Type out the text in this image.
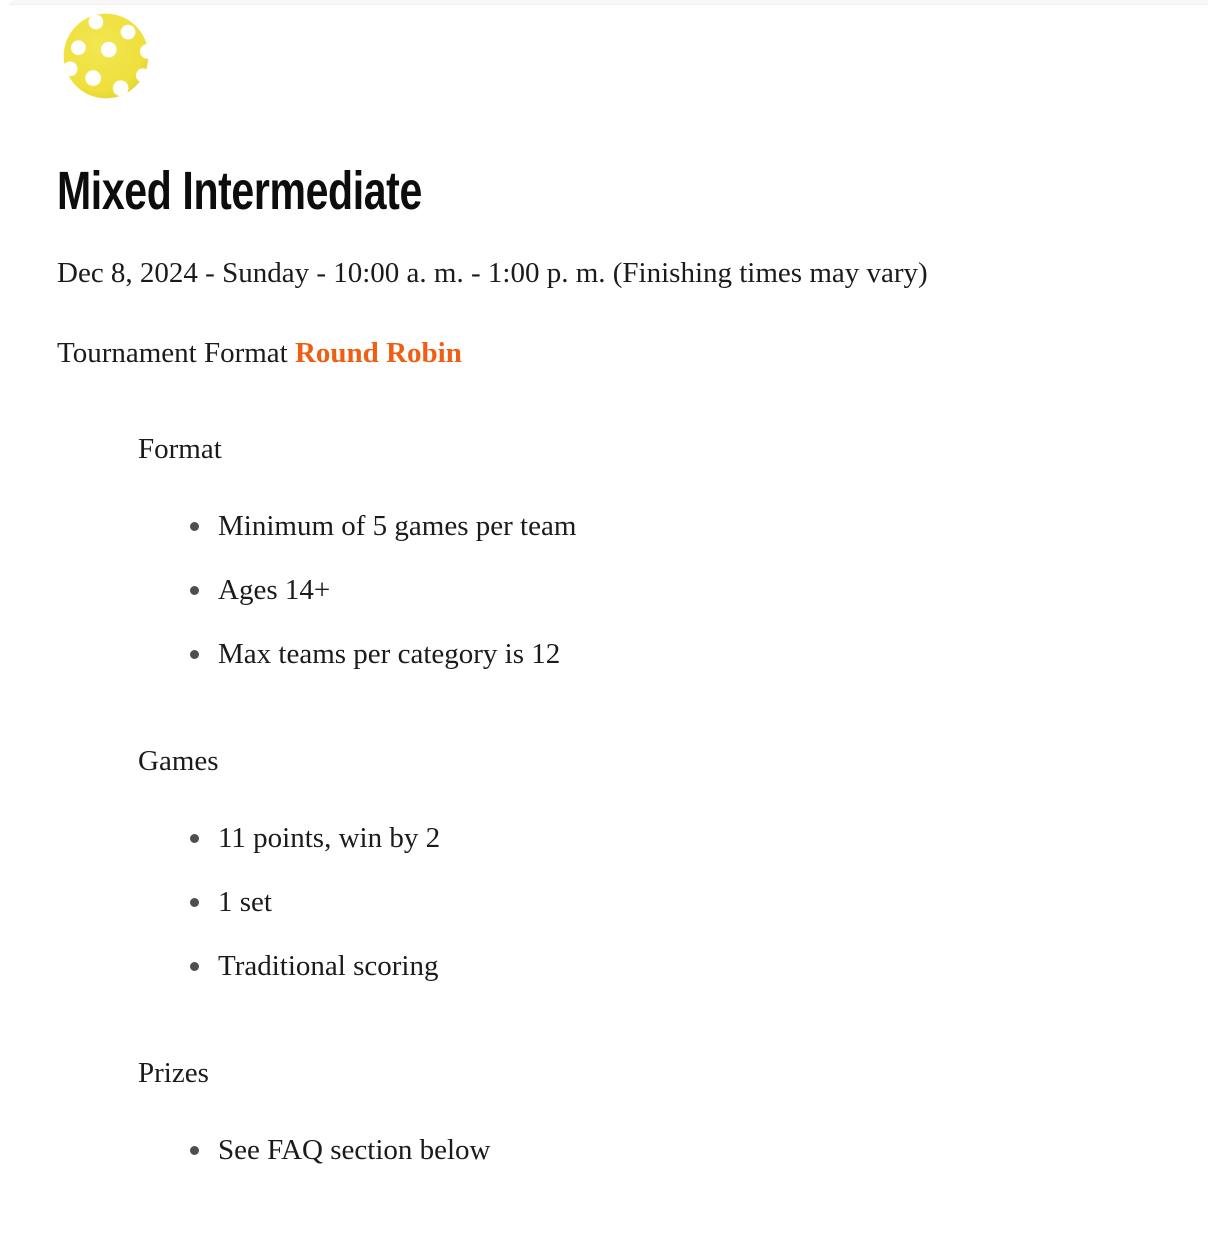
Mixed Intermediate

Dec 8, 2024 - Sunday - 10:00 a. m. - 1:00 p. m. (Finishing times may vary)

Tournament Format Round Robin

Format
Minimum of 5 games per team
Ages 14+
Max teams per category is 12
Games
11 points, win by 2
1 set
Traditional scoring
Prizes
See FAQ section below
